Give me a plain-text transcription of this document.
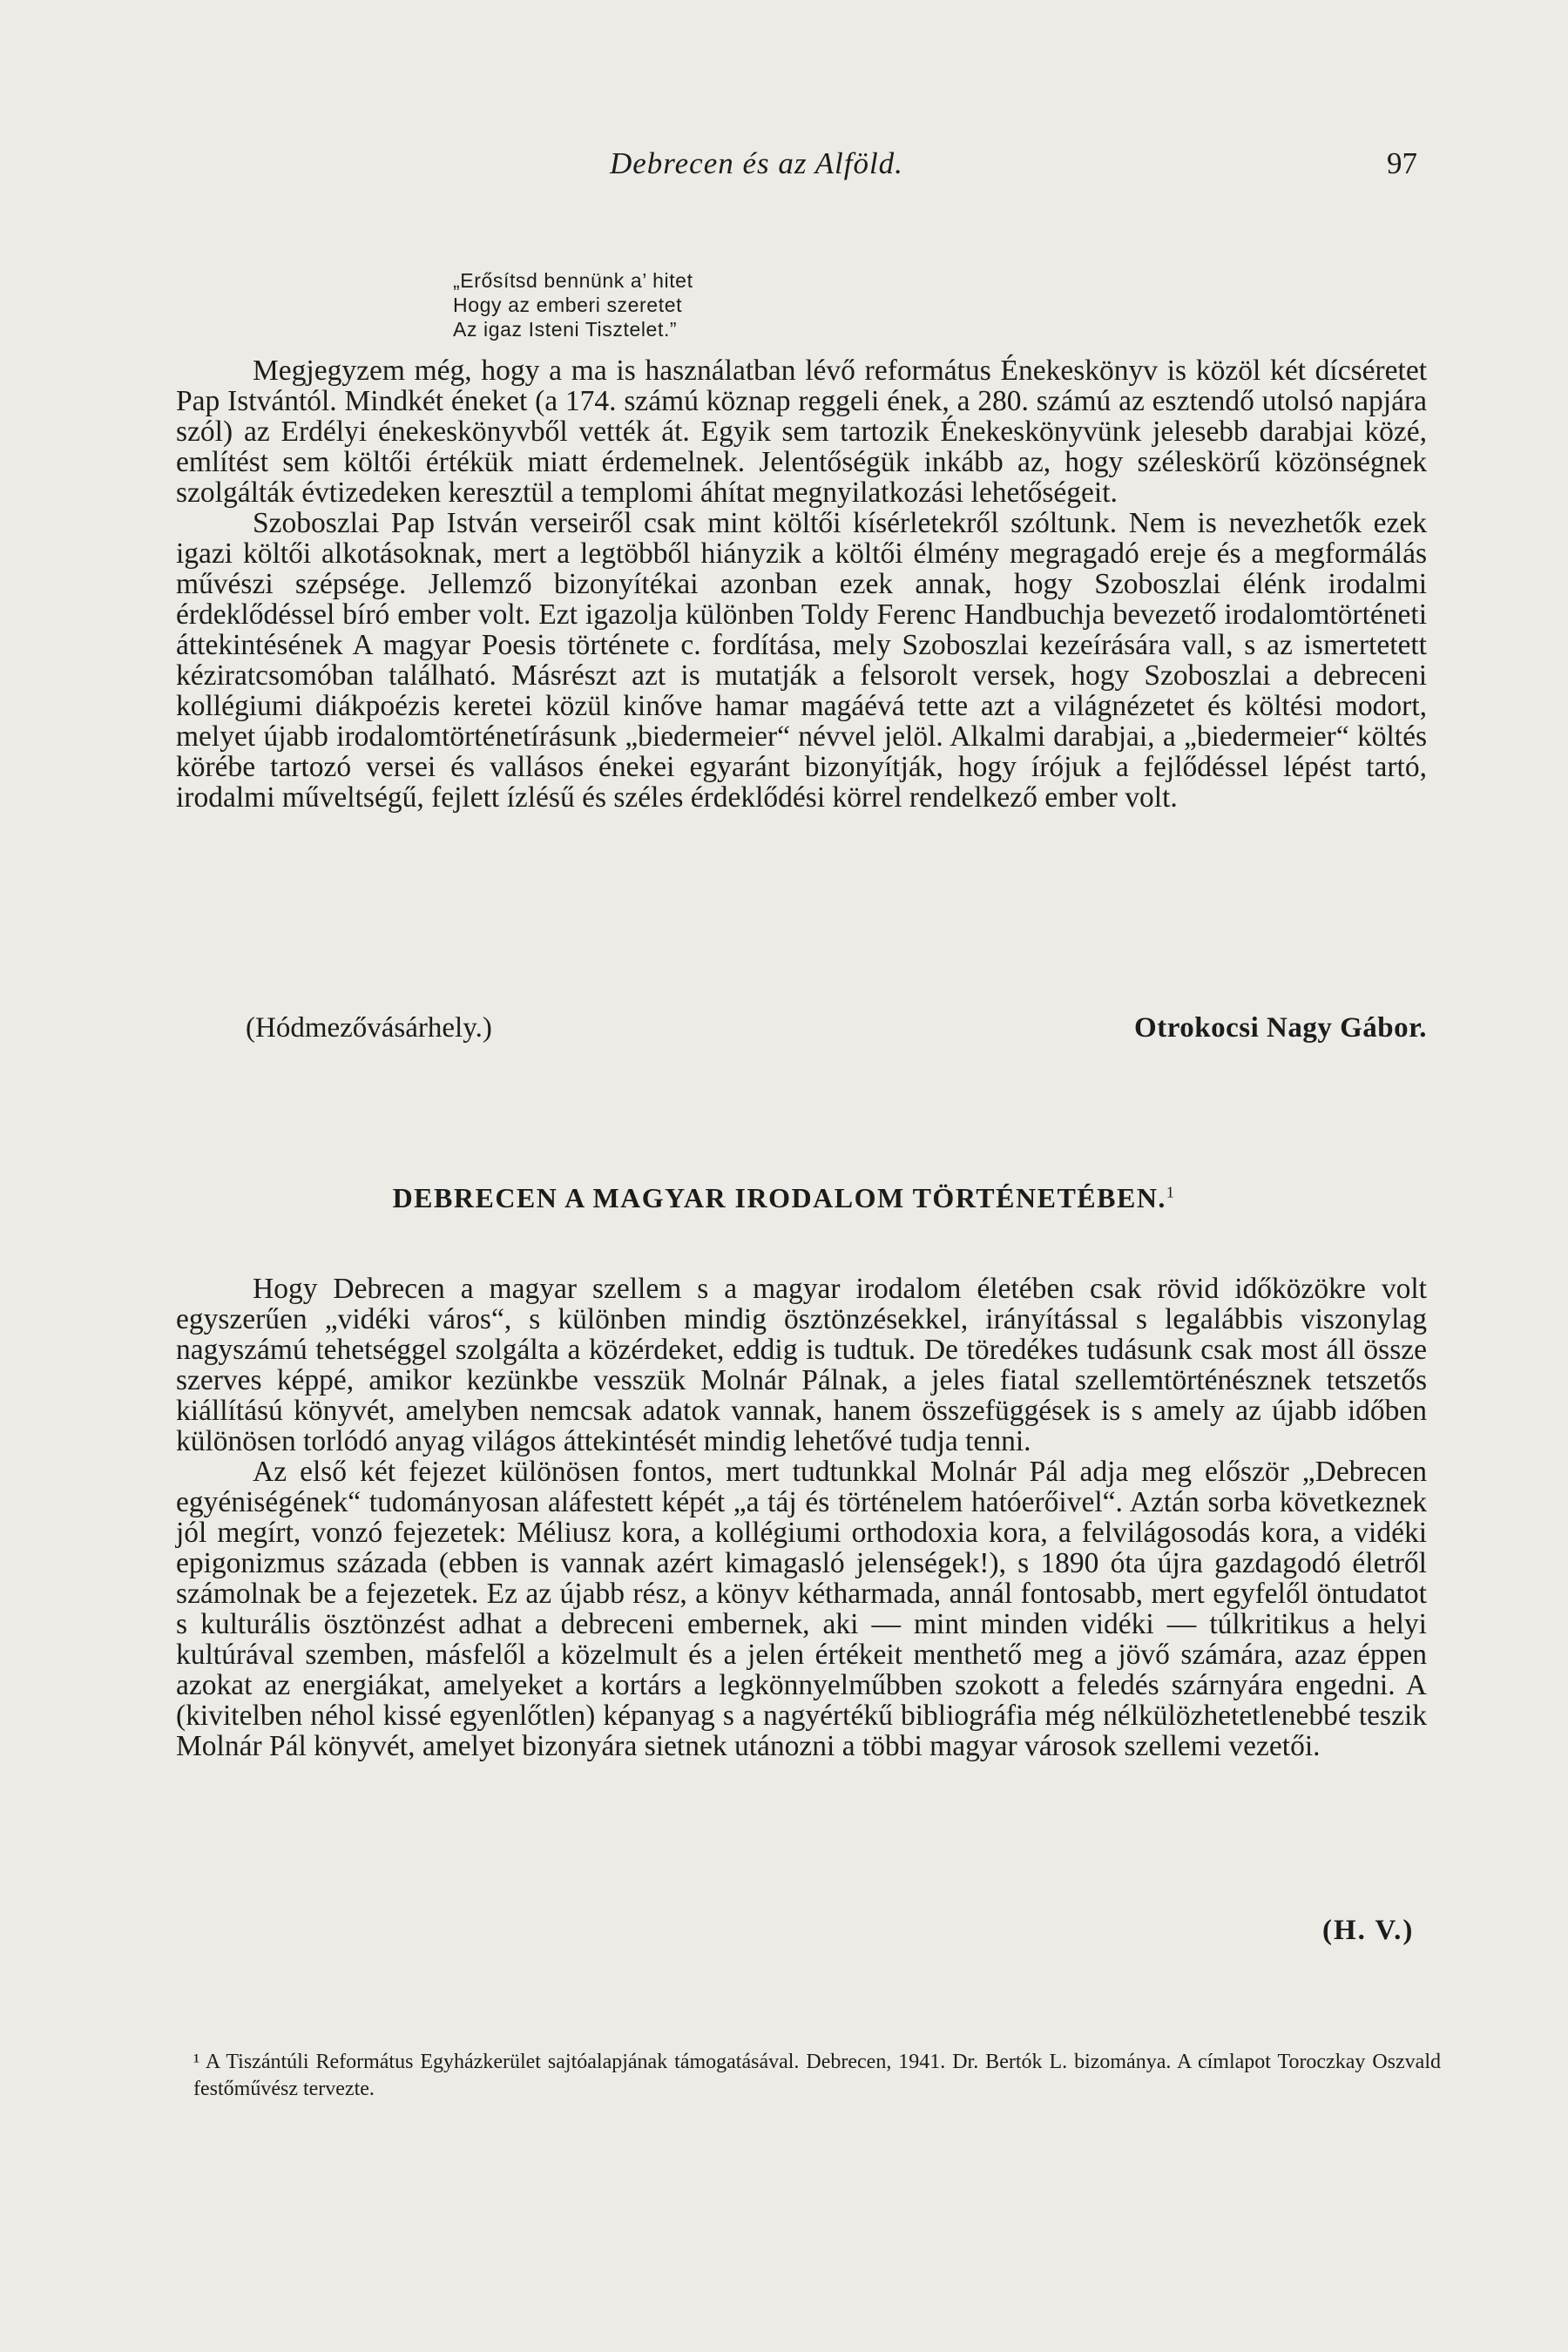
Debrecen és az Alföld.	97
„Erősítsd bennünk a’ hitet
Hogy az emberi szeretet
Az igaz Isteni Tisztelet.”

Megjegyzem még, hogy a ma is használatban lévő református Énekeskönyv is közöl két dícséretet Pap Istvántól. Mindkét éneket (a 174. számú köznap reggeli ének, a 280. számú az esztendő utolsó napjára szól) az Erdélyi énekeskönyvből vették át. Egyik sem tartozik Énekeskönyvünk jelesebb darabjai közé, említést sem költői értékük miatt érdemelnek. Jelentőségük inkább az, hogy széleskörű közönségnek szolgálták évtizedeken keresztül a templomi áhítat megnyilatkozási lehetőségeit.

Szoboszlai Pap István verseiről csak mint költői kísérletekről szóltunk. Nem is nevezhetők ezek igazi költői alkotásoknak, mert a legtöbből hiányzik a költői élmény megragadó ereje és a megformálás művészi szépsége. Jellemző bizonyítékai azonban ezek annak, hogy Szoboszlai élénk irodalmi érdeklődéssel bíró ember volt. Ezt igazolja különben Toldy Ferenc Handbuchja bevezető irodalomtörténeti áttekintésének A magyar Poesis története c. fordítása, mely Szoboszlai kezeírására vall, s az ismertetett kéziratcsomóban található. Másrészt azt is mutatják a felsorolt versek, hogy Szoboszlai a debreceni kollégiumi diákpoézis keretei közül kinőve hamar magáévá tette azt a világnézetet és költési modort, melyet újabb irodalomtörténetírásunk „biedermeier“ névvel jelöl. Alkalmi darabjai, a „biedermeier“ költés körébe tartozó versei és vallásos énekei egyaránt bizonyítják, hogy írójuk a fejlődéssel lépést tartó, irodalmi műveltségű, fejlett ízlésű és széles érdeklődési körrel rendelkező ember volt.

(Hódmezővásárhely.)	Otrokocsi Nagy Gábor.
DEBRECEN A MAGYAR IRODALOM TÖRTÉNETÉBEN.$^1$

Hogy Debrecen a magyar szellem s a magyar irodalom életében csak rövid időközökre volt egyszerűen „vidéki város“, s különben mindig ösztönzésekkel, irányítással s legalábbis viszonylag nagyszámú tehetséggel szolgálta a közérdeket, eddig is tudtuk. De töredékes tudásunk csak most áll össze szerves képpé, amikor kezünkbe vesszük Molnár Pálnak, a jeles fiatal szellemtörténésznek tetszetős kiállítású könyvét, amelyben nemcsak adatok vannak, hanem összefüggések is s amely az újabb időben különösen torlódó anyag világos áttekintését mindig lehetővé tudja tenni.

Az első két fejezet különösen fontos, mert tudtunkkal Molnár Pál adja meg először „Debrecen egyéniségének“ tudományosan aláfestett képét „a táj és történelem hatóerőivel“. Aztán sorba következnek jól megírt, vonzó fejezetek: Méliusz kora, a kollégiumi orthodoxia kora, a felvilágosodás kora, a vidéki epigonizmus százada (ebben is vannak azért kimagasló jelenségek!), s 1890 óta újra gazdagodó életről számolnak be a fejezetek. Ez az újabb rész, a könyv kétharmada, annál fontosabb, mert egyfelől öntudatot s kulturális ösztönzést adhat a debreceni embernek, aki — mint minden vidéki — túlkritikus a helyi kultúrával szemben, másfelől a közelmult és a jelen értékeit menthető meg a jövő számára, azaz éppen azokat az energiákat, amelyeket a kortárs a legkönnyelműbben szokott a feledés szárnyára engedni. A (kivitelben néhol kissé egyenlőtlen) képanyag s a nagyértékű bibliográfia még nélkülözhetetlenebbé teszik Molnár Pál könyvét, amelyet bizonyára sietnek utánozni a többi magyar városok szellemi vezetői.

(H. V.)
¹ A Tiszántúli Református Egyházkerület sajtóalapjának támogatásával. Debrecen, 1941. Dr. Bertók L. bizománya. A címlapot Toroczkay Oszvald festőművész tervezte.
